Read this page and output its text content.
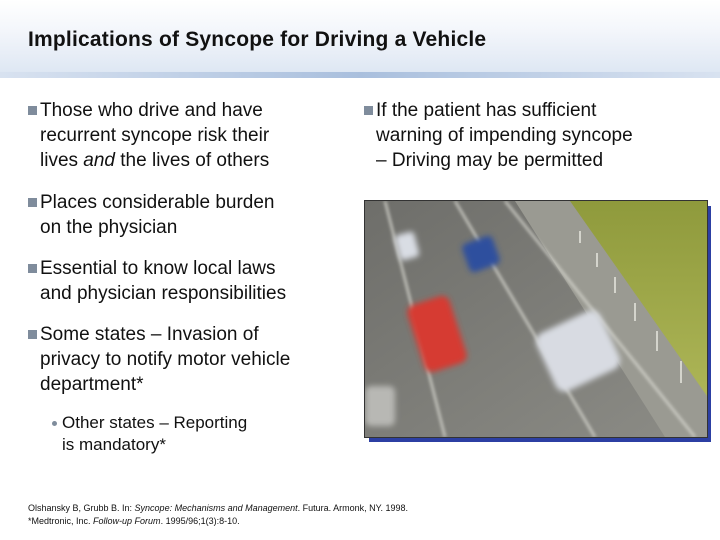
Implications of Syncope for Driving a Vehicle
Those who drive and have
recurrent syncope risk their
lives and the lives of others
Places considerable burden
on the physician
Essential to know local laws
and physician responsibilities
Some states – Invasion of
privacy to notify motor vehicle
department*
Other states – Reporting
is mandatory*
If the patient has sufficient
warning of impending syncope
– Driving may be permitted
Olshansky B, Grubb B. In: Syncope: Mechanisms and Management. Futura. Armonk, NY. 1998.
*Medtronic, Inc. Follow-up Forum. 1995/96;1(3):8-10.
